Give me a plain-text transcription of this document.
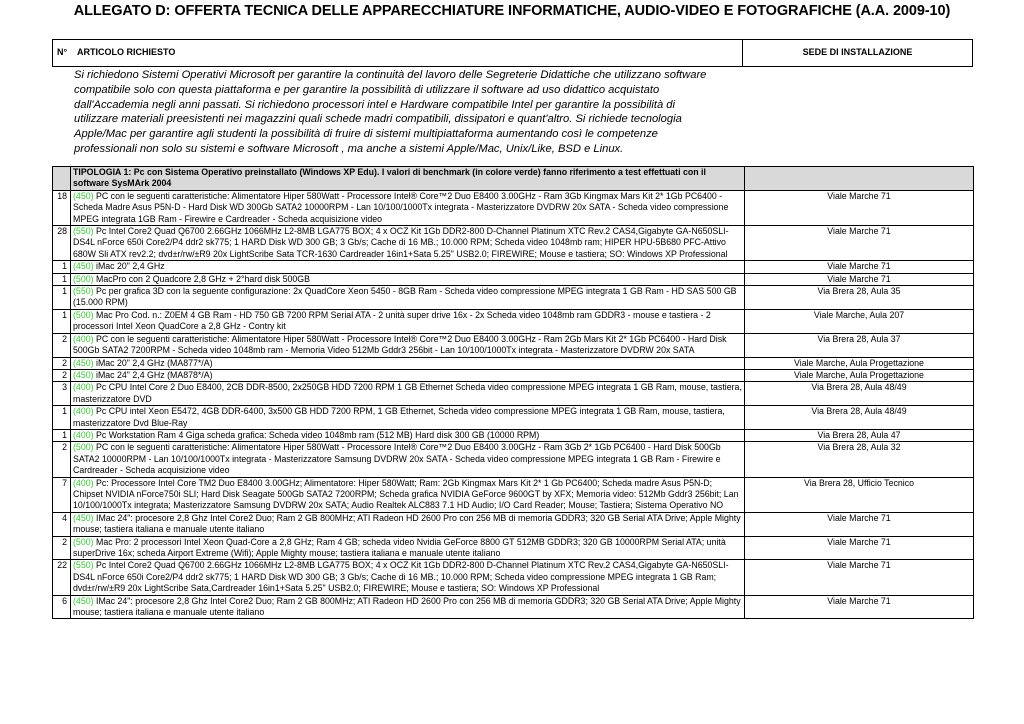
ALLEGATO D: OFFERTA TECNICA DELLE APPARECCHIATURE INFORMATICHE, AUDIO-VIDEO E FOTOGRAFICHE (A.A. 2009-10)
N°	ARTICOLO RICHIESTO	SEDE DI INSTALLAZIONE
Si richiedono Sistemi Operativi Microsoft per garantire la continuità del lavoro delle Segreterie Didattiche che utilizzano software
compatibile solo con questa piattaforma e per garantire la possibilità di utilizzare il software ad uso didattico acquistato
dall'Accademia negli anni passati. Si richiedono processori intel e Hardware compatibile Intel per garantire la possibilità di
utilizzare materiali preesistenti nei magazzini quali schede madri compatibili, dissipatori e quant'altro. Si richiede tecnologia
Apple/Mac per garantire agli studenti la possibilità di fruire di sistemi multipiattaforma aumentando così le competenze
professionali non solo su sistemi e software Microsoft , ma anche a sistemi Apple/Mac, Unix/Like, BSD e Linux.
	TIPOLOGIA 1: Pc con Sistema Operativo preinstallato (Windows XP Edu). I valori di benchmark (in colore verde) fanno riferimento a test effettuati con il software SysMArk 2004	
18	(450) PC con le seguenti caratteristiche: Alimentatore Hiper 580Watt - Processore Intel® Core™2 Duo E8400 3.00GHz - Ram 3Gb Kingmax Mars Kit 2* 1Gb PC6400 - Scheda Madre Asus P5N-D - Hard Disk WD 300Gb SATA2 10000RPM - Lan 10/100/1000Tx integrata - Masterizzatore DVDRW 20x SATA - Scheda video compressione MPEG integrata 1GB Ram - Firewire e Cardreader - Scheda acquisizione video	Viale Marche 71
28	(550) Pc Intel Core2 Quad Q6700 2.66GHz 1066MHz L2-8MB LGA775 BOX; 4 x OCZ Kit 1Gb DDR2-800 D-Channel Platinum XTC Rev.2 CAS4,Gigabyte GA-N650SLI-DS4L nForce 650i Core2/P4 ddr2 sk775; 1 HARD Disk WD 300 GB; 3 Gb/s; Cache di 16 MB.; 10.000 RPM; Scheda video 1048mb ram; HIPER HPU-5B680 PFC-Attivo 680W Sli ATX rev2.2; dvd±r/rw/±R9 20x LightScribe Sata TCR-1630 Cardreader 16in1+Sata 5.25" USB2.0; FIREWIRE; Mouse e tastiera; SO: Windows XP Professional	Viale Marche 71
1	(450) iMac 20" 2,4 GHz	Viale Marche 71
1	(500) MacPro con 2 Quadcore 2,8 GHz + 2°hard disk 500GB	Viale Marche 71
1	(550) Pc per grafica 3D con la seguente configurazione: 2x QuadCore Xeon 5450 - 8GB Ram - Scheda video compressione MPEG integrata 1 GB Ram - HD SAS 500 GB (15.000 RPM)	Via Brera 28, Aula 35
1	(500) Mac Pro Cod. n.: Z0EM 4 GB Ram - HD 750 GB 7200 RPM Serial ATA - 2 unità super drive 16x - 2x Scheda video 1048mb ram GDDR3 - mouse e tastiera - 2 processori Intel Xeon QuadCore a 2,8 GHz - Contry kit	Viale Marche, Aula 207
2	(400) PC con le seguenti caratteristiche: Alimentatore Hiper 580Watt - Processore Intel® Core™2 Duo E8400 3.00GHz - Ram 2Gb Mars Kit 2* 1Gb PC6400 - Hard Disk 500Gb SATA2 7200RPM - Scheda video 1048mb ram - Memoria Video 512Mb Gddr3 256bit - Lan 10/100/1000Tx integrata - Masterizzatore DVDRW 20x SATA	Via Brera 28, Aula 37
2	(450) iMac 20" 2,4 GHz (MA877*/A)	Viale Marche, Aula Progettazione
2	(450) iMac 24" 2,4 GHz (MA878*/A)	Viale Marche, Aula Progettazione
3	(400) Pc CPU Intel Core 2 Duo E8400, 2CB DDR-8500, 2x250GB HDD 7200 RPM 1 GB Ethernet Scheda video compressione MPEG integrata 1 GB Ram, mouse, tastiera, masterizzatore DVD	Via Brera 28, Aula 48/49
1	(400) Pc CPU intel Xeon E5472, 4GB DDR-6400, 3x500 GB HDD 7200 RPM, 1 GB Ethernet, Scheda video compressione MPEG integrata 1 GB Ram, mouse, tastiera, masterizzatore Dvd Blue-Ray	Via Brera 28, Aula 48/49
1	(400) Pc Workstation Ram 4 Giga scheda grafica: Scheda video 1048mb ram (512 MB) Hard disk 300 GB (10000 RPM)	Via Brera 28, Aula 47
2	(500) PC con le seguenti caratteristiche: Alimentatore Hiper 580Watt - Processore Intel® Core™2 Duo E8400 3.00GHz - Ram 3Gb 2* 1Gb PC6400 - Hard Disk 500Gb SATA2 10000RPM - Lan 10/100/1000Tx integrata - Masterizzatore Samsung DVDRW 20x SATA - Scheda video compressione MPEG integrata 1 GB Ram - Firewire e Cardreader - Scheda acquisizione video	Via Brera 28, Aula 32
7	(400) Pc: Processore Intel Core TM2 Duo E8400 3.00GHz; Alimentatore: Hiper 580Watt; Ram: 2Gb Kingmax Mars Kit 2* 1 Gb PC6400; Scheda madre Asus P5N-D; Chipset NVIDIA nForce750i SLI; Hard Disk Seagate 500Gb SATA2 7200RPM; Scheda grafica NVIDIA GeForce 9600GT by XFX; Memoria video: 512Mb Gddr3 256bit; Lan 10/100/1000Tx integrata; Masterizzatore Samsung DVDRW 20x SATA; Audio Realtek ALC883 7.1 HD Audio; I/O Card Reader; Mouse; Tastiera; Sistema Operativo NO	Via Brera 28, Ufficio Tecnico
4	(450) IMac 24": procesore 2,8 Ghz Intel Core2 Duo; Ram 2 GB 800MHz; ATI Radeon HD 2600 Pro con 256 MB di memoria GDDR3; 320 GB Serial ATA Drive; Apple Mighty mouse; tastiera italiana e manuale utente italiano	Viale Marche 71
2	(500) Mac Pro: 2 processori Intel Xeon Quad-Core a 2,8 GHz; Ram 4 GB; scheda video Nvidia GeForce 8800 GT 512MB GDDR3; 320 GB 10000RPM Serial ATA; unità superDrive 16x; scheda Airport Extreme (Wifi); Apple Mighty mouse; tastiera italiana e manuale utente italiano	Viale Marche 71
22	(550) Pc Intel Core2 Quad Q6700 2.66GHz 1066MHz L2-8MB LGA775 BOX; 4 x OCZ Kit 1Gb DDR2-800 D-Channel Platinum XTC Rev.2 CAS4,Gigabyte GA-N650SLI-DS4L nForce 650i Core2/P4 ddr2 sk775; 1 HARD Disk WD 300 GB; 3 Gb/s; Cache di 16 MB.; 10.000 RPM; Scheda video compressione MPEG integrata 1 GB Ram; dvd±r/rw/±R9 20x LightScribe Sata,Cardreader 16in1+Sata 5.25" USB2.0; FIREWIRE; Mouse e tastiera; SO: Windows XP Professional	Viale Marche 71
6	(450) IMac 24": procesore 2,8 Ghz Intel Core2 Duo; Ram 2 GB 800MHz; ATI Radeon HD 2600 Pro con 256 MB di memoria GDDR3; 320 GB Serial ATA Drive; Apple Mighty mouse; tastiera italiana e manuale utente italiano	Viale Marche 71
